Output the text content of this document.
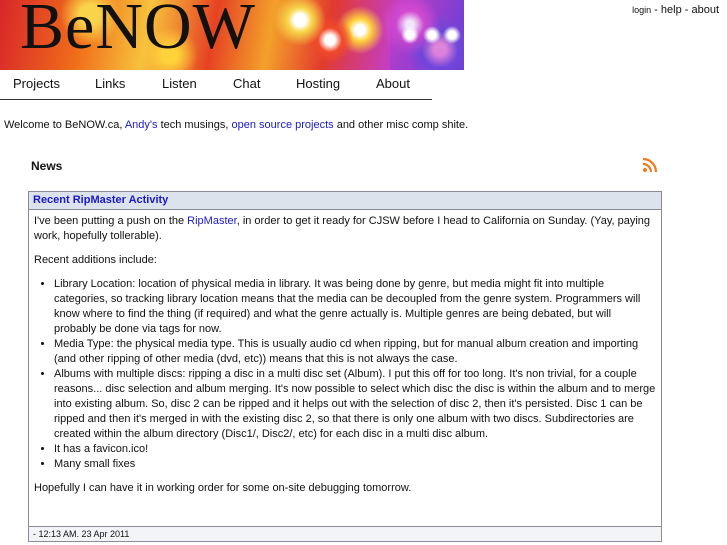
BeNOW	login - help - about
Projects	Links	Listen	Chat	Hosting	About
Welcome to BeNOW.ca, Andy's tech musings, open source projects and other misc comp shite.
News
Recent RipMaster Activity

I've been putting a push on the RipMaster, in order to get it ready for CJSW before I head to California on Sunday. (Yay, paying work, hopefully tollerable).

Recent additions include:

• Library Location: location of physical media in library. It was being done by genre, but media might fit into multiple categories, so tracking library location means that the media can be decoupled from the genre system. Programmers will know where to find the thing (if required) and what the genre actually is. Multiple genres are being debated, but will probably be done via tags for now.
• Media Type: the physical media type. This is usually audio cd when ripping, but for manual album creation and importing (and other ripping of other media (dvd, etc)) means that this is not always the case.
• Albums with multiple discs: ripping a disc in a multi disc set (Album). I put this off for too long. It's non trivial, for a couple reasons... disc selection and album merging. It's now possible to select which disc the disc is within the album and to merge into existing album. So, disc 2 can be ripped and it helps out with the selection of disc 2, then it's persisted. Disc 1 can be ripped and then it's merged in with the existing disc 2, so that there is only one album with two discs. Subdirectories are created within the album directory (Disc1/, Disc2/, etc) for each disc in a multi disc album.
• It has a favicon.ico!
• Many small fixes

Hopefully I can have it in working order for some on-site debugging tomorrow.

- 12:13 AM. 23 Apr 2011
